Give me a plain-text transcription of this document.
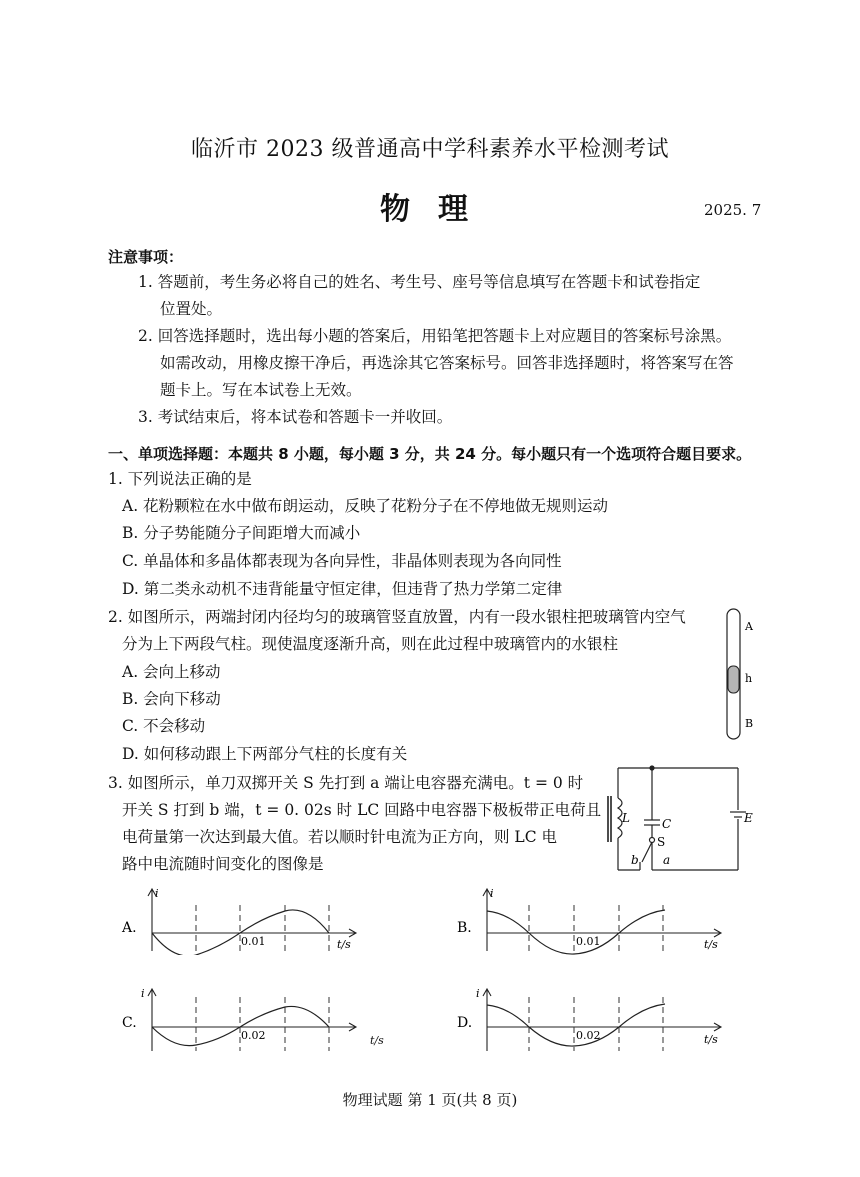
临沂市 2023 级普通高中学科素养水平检测考试
物理	2025. 7
注意事项：
1. 答题前，考生务必将自己的姓名、考生号、座号等信息填写在答题卡和试卷指定
位置处。
2. 回答选择题时，选出每小题的答案后，用铅笔把答题卡上对应题目的答案标号涂黑。
如需改动，用橡皮擦干净后，再选涂其它答案标号。回答非选择题时，将答案写在答
题卡上。写在本试卷上无效。
3. 考试结束后，将本试卷和答题卡一并收回。
一、单项选择题：本题共 8 小题，每小题 3 分，共 24 分。每小题只有一个选项符合题目要求。
1. 下列说法正确的是
A. 花粉颗粒在水中做布朗运动，反映了花粉分子在不停地做无规则运动
B. 分子势能随分子间距增大而减小
C. 单晶体和多晶体都表现为各向异性，非晶体则表现为各向同性
D. 第二类永动机不违背能量守恒定律，但违背了热力学第二定律
2. 如图所示，两端封闭内径均匀的玻璃管竖直放置，内有一段水银柱把玻璃管内空气
分为上下两段气柱。现使温度逐渐升高，则在此过程中玻璃管内的水银柱
A. 会向上移动
B. 会向下移动
C. 不会移动
D. 如何移动跟上下两部分气柱的长度有关
A
h
B
3. 如图所示，单刀双掷开关 S 先打到 a 端让电容器充满电。t = 0 时
开关 S 打到 b 端，t = 0. 02s 时 LC 回路中电容器下极板带正电荷且
电荷量第一次达到最大值。若以顺时针电流为正方向，则 LC 电
路中电流随时间变化的图像是
L	C
S
E
b a
A.
i
t/s
0.01
B.
i
t/s
0.01
C.
i
0.02	t/s
D.
i
t/s
0.02
物理试题 第 1 页(共 8 页)
